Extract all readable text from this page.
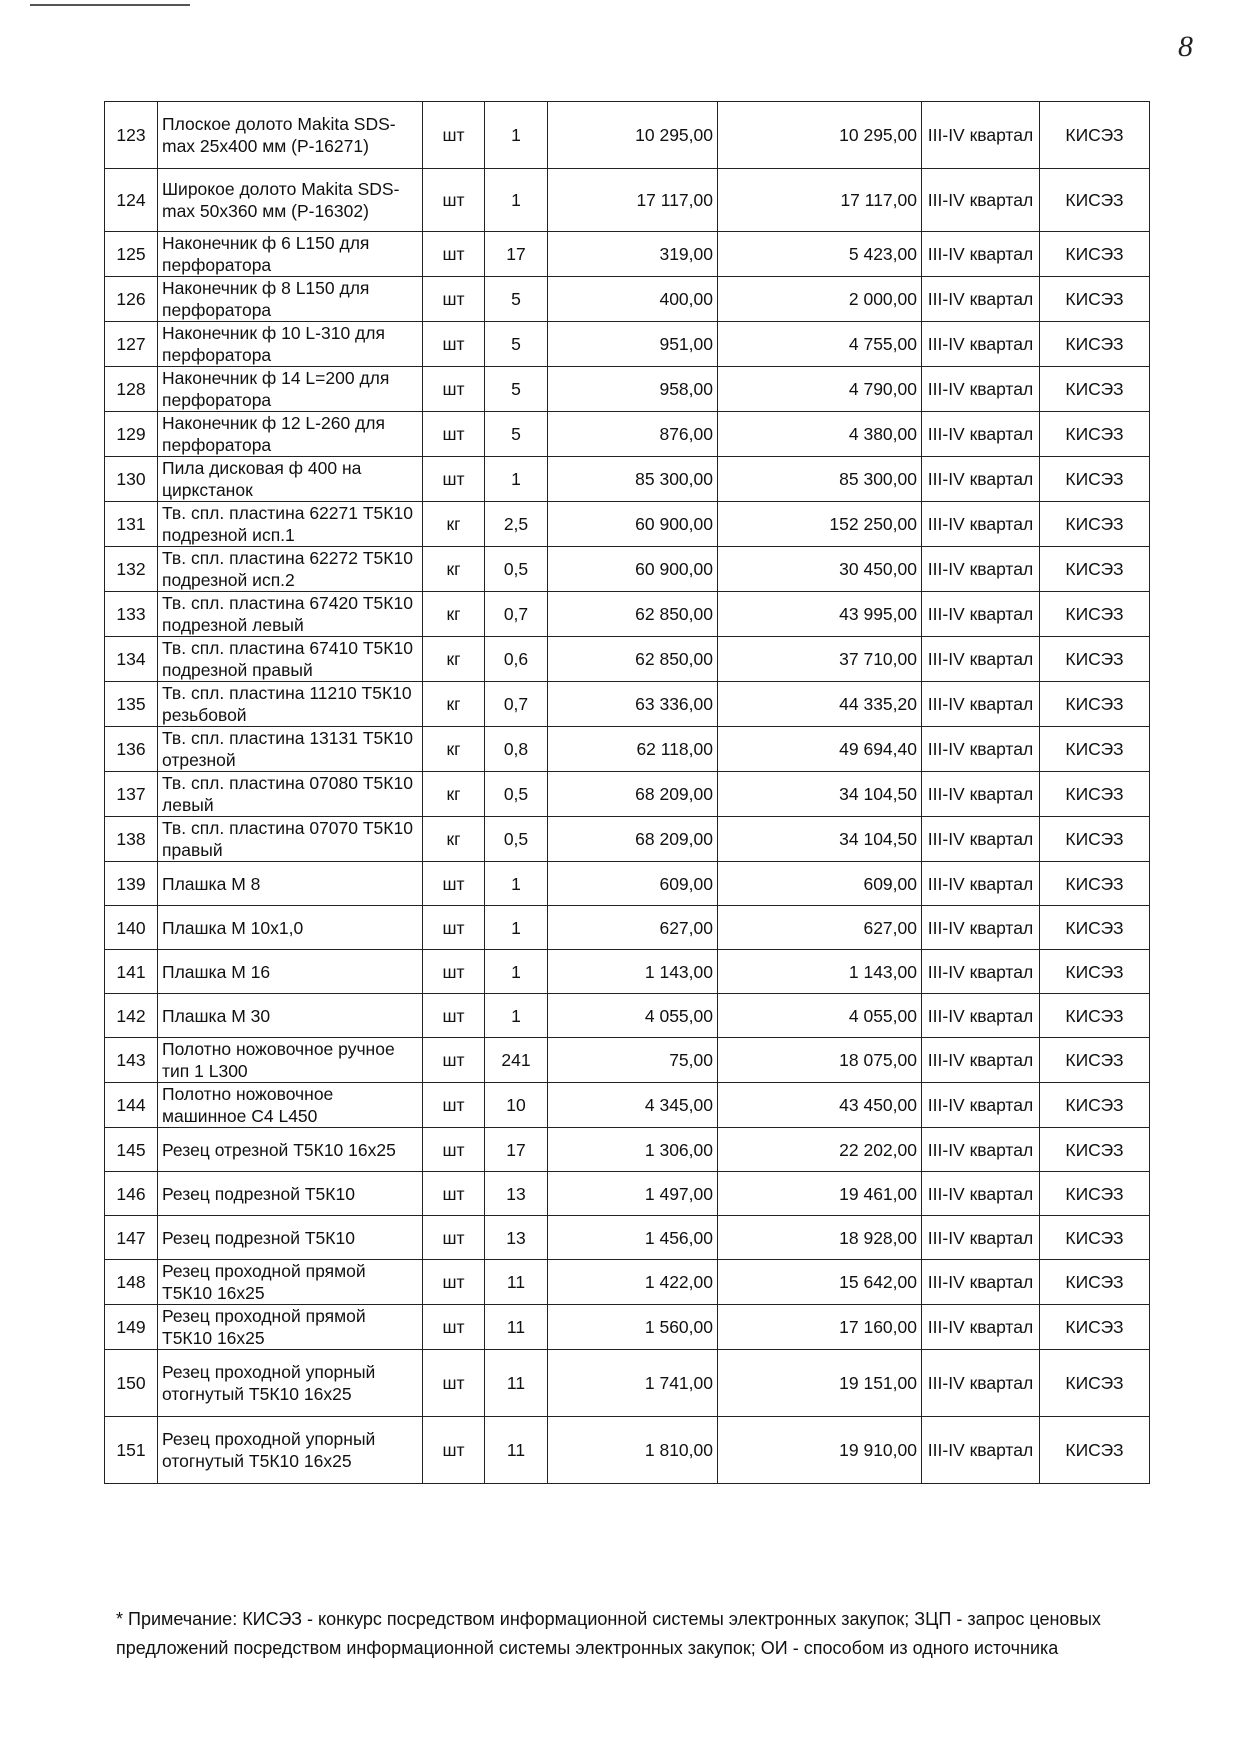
8
123	Плоское долото Makita SDS-max 25х400 мм (Р-16271)	шт	1	10 295,00	10 295,00	III-IV квартал	КИСЭЗ
124	Широкое долото Makita SDS-max 50х360 мм (Р-16302)	шт	1	17 117,00	17 117,00	III-IV квартал	КИСЭЗ
125	Наконечник ф 6 L150 для перфоратора	шт	17	319,00	5 423,00	III-IV квартал	КИСЭЗ
126	Наконечник ф 8 L150 для перфоратора	шт	5	400,00	2 000,00	III-IV квартал	КИСЭЗ
127	Наконечник ф 10 L-310 для перфоратора	шт	5	951,00	4 755,00	III-IV квартал	КИСЭЗ
128	Наконечник ф 14 L=200 для перфоратора	шт	5	958,00	4 790,00	III-IV квартал	КИСЭЗ
129	Наконечник ф 12 L-260 для перфоратора	шт	5	876,00	4 380,00	III-IV квартал	КИСЭЗ
130	Пила дисковая ф 400 на циркстанок	шт	1	85 300,00	85 300,00	III-IV квартал	КИСЭЗ
131	Тв. спл. пластина 62271 Т5К10 подрезной исп.1	кг	2,5	60 900,00	152 250,00	III-IV квартал	КИСЭЗ
132	Тв. спл. пластина 62272 Т5К10 подрезной исп.2	кг	0,5	60 900,00	30 450,00	III-IV квартал	КИСЭЗ
133	Тв. спл. пластина 67420 Т5К10 подрезной левый	кг	0,7	62 850,00	43 995,00	III-IV квартал	КИСЭЗ
134	Тв. спл. пластина 67410 Т5К10 подрезной правый	кг	0,6	62 850,00	37 710,00	III-IV квартал	КИСЭЗ
135	Тв. спл. пластина 11210 Т5К10 резьбовой	кг	0,7	63 336,00	44 335,20	III-IV квартал	КИСЭЗ
136	Тв. спл. пластина 13131 Т5К10 отрезной	кг	0,8	62 118,00	49 694,40	III-IV квартал	КИСЭЗ
137	Тв. спл. пластина 07080 Т5К10 левый	кг	0,5	68 209,00	34 104,50	III-IV квартал	КИСЭЗ
138	Тв. спл. пластина 07070 Т5К10 правый	кг	0,5	68 209,00	34 104,50	III-IV квартал	КИСЭЗ
139	Плашка М 8	шт	1	609,00	609,00	III-IV квартал	КИСЭЗ
140	Плашка М 10х1,0	шт	1	627,00	627,00	III-IV квартал	КИСЭЗ
141	Плашка М 16	шт	1	1 143,00	1 143,00	III-IV квартал	КИСЭЗ
142	Плашка М 30	шт	1	4 055,00	4 055,00	III-IV квартал	КИСЭЗ
143	Полотно ножовочное ручное тип 1 L300	шт	241	75,00	18 075,00	III-IV квартал	КИСЭЗ
144	Полотно ножовочное машинное С4 L450	шт	10	4 345,00	43 450,00	III-IV квартал	КИСЭЗ
145	Резец отрезной Т5К10 16х25	шт	17	1 306,00	22 202,00	III-IV квартал	КИСЭЗ
146	Резец подрезной Т5К10	шт	13	1 497,00	19 461,00	III-IV квартал	КИСЭЗ
147	Резец подрезной Т5К10	шт	13	1 456,00	18 928,00	III-IV квартал	КИСЭЗ
148	Резец проходной прямой Т5К10 16х25	шт	11	1 422,00	15 642,00	III-IV квартал	КИСЭЗ
149	Резец проходной прямой Т5К10 16х25	шт	11	1 560,00	17 160,00	III-IV квартал	КИСЭЗ
150	Резец проходной упорный отогнутый Т5К10 16х25	шт	11	1 741,00	19 151,00	III-IV квартал	КИСЭЗ
151	Резец проходной упорный отогнутый Т5К10 16х25	шт	11	1 810,00	19 910,00	III-IV квартал	КИСЭЗ
* Примечание: КИСЭЗ - конкурс посредством информационной системы электронных закупок; ЗЦП - запрос ценовых предложений посредством информационной системы электронных закупок; ОИ - способом из одного источника
